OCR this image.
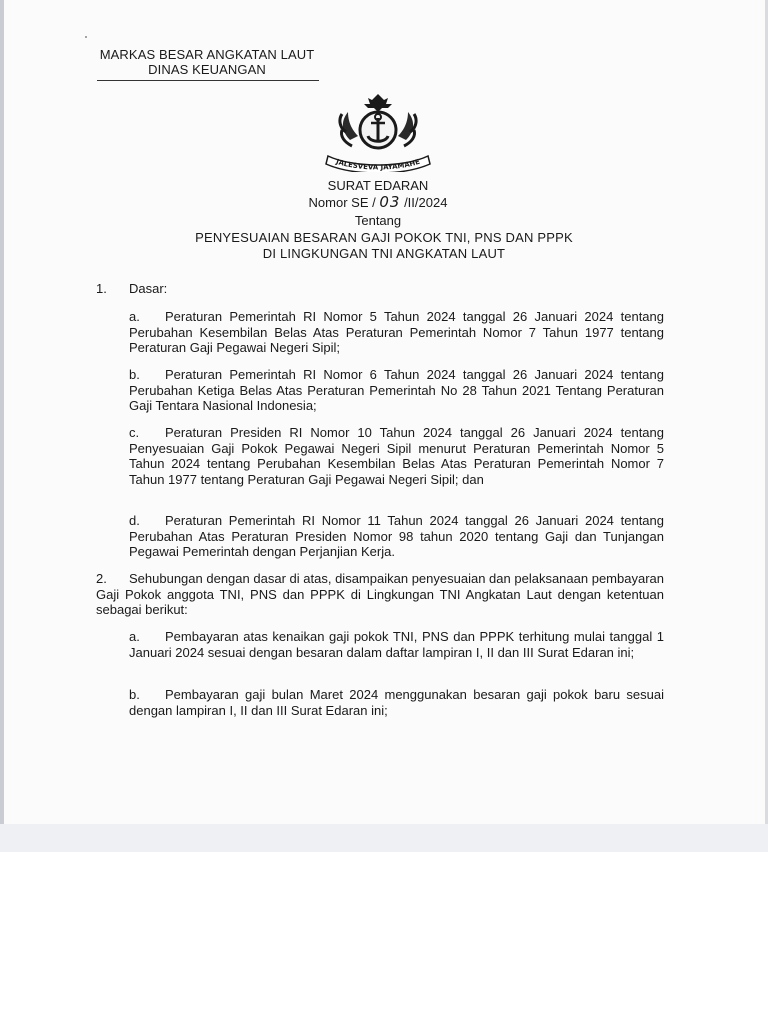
MARKAS BESAR ANGKATAN LAUT
DINAS KEUANGAN
JALESVEVA JAYAMAHE
SURAT EDARAN
Nomor SE / 03 /II/2024
Tentang
PENYESUAIAN BESARAN GAJI POKOK TNI, PNS DAN PPPK
DI LINGKUNGAN TNI ANGKATAN LAUT
1. Dasar:
a. Peraturan Pemerintah RI Nomor 5 Tahun 2024 tanggal 26 Januari 2024 tentang Perubahan Kesembilan Belas Atas Peraturan Pemerintah Nomor 7 Tahun 1977 tentang Peraturan Gaji Pegawai Negeri Sipil;
b. Peraturan Pemerintah RI Nomor 6 Tahun 2024 tanggal 26 Januari 2024 tentang Perubahan Ketiga Belas Atas Peraturan Pemerintah No 28 Tahun 2021 Tentang Peraturan Gaji Tentara Nasional Indonesia;
c. Peraturan Presiden RI Nomor 10 Tahun 2024 tanggal 26 Januari 2024 tentang Penyesuaian Gaji Pokok Pegawai Negeri Sipil menurut Peraturan Pemerintah Nomor 5 Tahun 2024 tentang Perubahan Kesembilan Belas Atas Peraturan Pemerintah Nomor 7 Tahun 1977 tentang Peraturan Gaji Pegawai Negeri Sipil; dan
d. Peraturan Pemerintah RI Nomor 11 Tahun 2024 tanggal 26 Januari 2024 tentang Perubahan Atas Peraturan Presiden Nomor 98 tahun 2020 tentang Gaji dan Tunjangan Pegawai Pemerintah dengan Perjanjian Kerja.
2. Sehubungan dengan dasar di atas, disampaikan penyesuaian dan pelaksanaan pembayaran Gaji Pokok anggota TNI, PNS dan PPPK di Lingkungan TNI Angkatan Laut dengan ketentuan sebagai berikut:
a. Pembayaran atas kenaikan gaji pokok TNI, PNS dan PPPK terhitung mulai tanggal 1 Januari 2024 sesuai dengan besaran dalam daftar lampiran I, II dan III Surat Edaran ini;
b. Pembayaran gaji bulan Maret 2024 menggunakan besaran gaji pokok baru sesuai dengan lampiran I, II dan III Surat Edaran ini;
